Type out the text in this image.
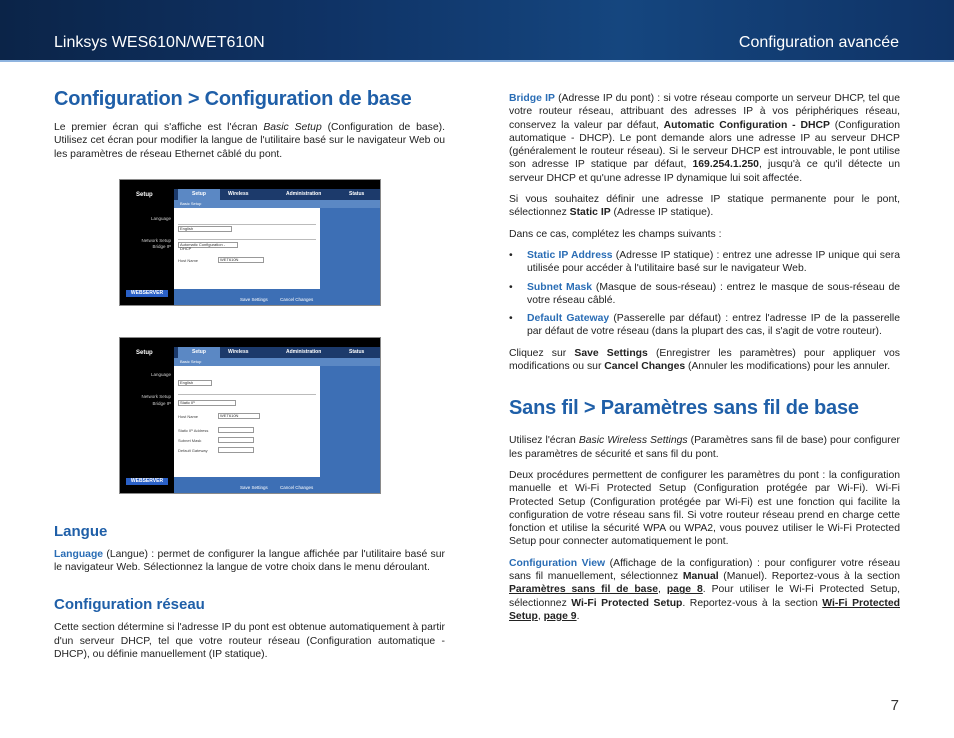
Linksys WES610N/WET610N	Configuration avancée
Configuration > Configuration de base

Le premier écran qui s'affiche est l'écran Basic Setup (Configuration de base). Utilisez cet écran pour modifier la langue de l'utilitaire basé sur le navigateur Web ou les paramètres de réseau Ethernet câblé du pont.

Setup
Language
Network Setup
Bridge IP
WEBSERVER
Setup	Wireless	Administration	Status
Basic Setup
English
Automatic Configuration - DHCP
Host Name	WET610N
Save Settings	Cancel Changes
Setup
Language
Network Setup
Bridge IP
WEBSERVER
Setup	Wireless	Administration	Status
Basic Setup
English
Static IP
Host Name	WET610N
Static IP Address
Subnet Mask
Default Gateway
Save Settings	Cancel Changes
Langue

Language (Langue) : permet de configurer la langue affichée par l'utilitaire basé sur le navigateur Web. Sélectionnez la langue de votre choix dans le menu déroulant.

Configuration réseau

Cette section détermine si l'adresse IP du pont est obtenue automatiquement à partir d'un serveur DHCP, tel que votre routeur réseau (Configuration automatique - DHCP), ou définie manuellement (IP statique).

Bridge IP (Adresse IP du pont) : si votre réseau comporte un serveur DHCP, tel que votre routeur réseau, attribuant des adresses IP à vos périphériques réseau, conservez la valeur par défaut, Automatic Configuration - DHCP (Configuration automatique - DHCP). Le pont demande alors une adresse IP au serveur DHCP (généralement le routeur réseau). Si le serveur DHCP est introuvable, le pont utilise son adresse IP statique par défaut, 169.254.1.250, jusqu'à ce qu'il détecte un serveur DHCP et qu'une adresse IP dynamique lui soit affectée.

Si vous souhaitez définir une adresse IP statique permanente pour le pont, sélectionnez Static IP (Adresse IP statique).

Dans ce cas, complétez les champs suivants :

• Static IP Address (Adresse IP statique) : entrez une adresse IP unique qui sera utilisée pour accéder à l'utilitaire basé sur le navigateur Web.
• Subnet Mask (Masque de sous-réseau) : entrez le masque de sous-réseau de votre réseau câblé.
• Default Gateway (Passerelle par défaut) : entrez l'adresse IP de la passerelle par défaut de votre réseau (dans la plupart des cas, il s'agit de votre routeur).

Cliquez sur Save Settings (Enregistrer les paramètres) pour appliquer vos modifications ou sur Cancel Changes (Annuler les modifications) pour les annuler.

Sans fil > Paramètres sans fil de base

Utilisez l'écran Basic Wireless Settings (Paramètres sans fil de base) pour configurer les paramètres de sécurité et sans fil du pont.

Deux procédures permettent de configurer les paramètres du pont : la configuration manuelle et Wi-Fi Protected Setup (Configuration protégée par Wi-Fi). Wi-Fi Protected Setup (Configuration protégée par Wi-Fi) est une fonction qui facilite la configuration de votre réseau sans fil. Si votre routeur réseau prend en charge cette fonction et utilise la sécurité WPA ou WPA2, vous pouvez utiliser le Wi-Fi Protected Setup pour connecter automatiquement le pont.

Configuration View (Affichage de la configuration) : pour configurer votre réseau sans fil manuellement, sélectionnez Manual (Manuel). Reportez-vous à la section Paramètres sans fil de base, page 8. Pour utiliser le Wi-Fi Protected Setup, sélectionnez Wi-Fi Protected Setup. Reportez-vous à la section Wi-Fi Protected Setup, page 9.

7
